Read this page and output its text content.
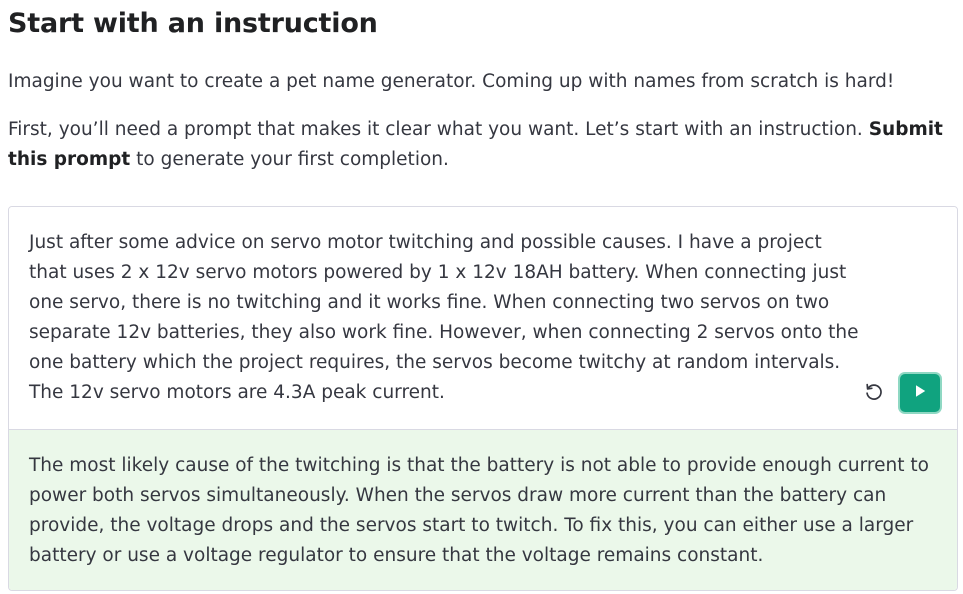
Start with an instruction

Imagine you want to create a pet name generator. Coming up with names from scratch is hard!

First, you’ll need a prompt that makes it clear what you want. Let’s start with an instruction. Submit this prompt to generate your first completion.

Just after some advice on servo motor twitching and possible causes. I have a project that uses 2 x 12v servo motors powered by 1 x 12v 18AH battery. When connecting just one servo, there is no twitching and it works fine. When connecting two servos on two separate 12v batteries, they also work fine. However, when connecting 2 servos onto the one battery which the project requires, the servos become twitchy at random intervals. The 12v servo motors are 4.3A peak current.

The most likely cause of the twitching is that the battery is not able to provide enough current to power both servos simultaneously. When the servos draw more current than the battery can provide, the voltage drops and the servos start to twitch. To fix this, you can either use a larger battery or use a voltage regulator to ensure that the voltage remains constant.
